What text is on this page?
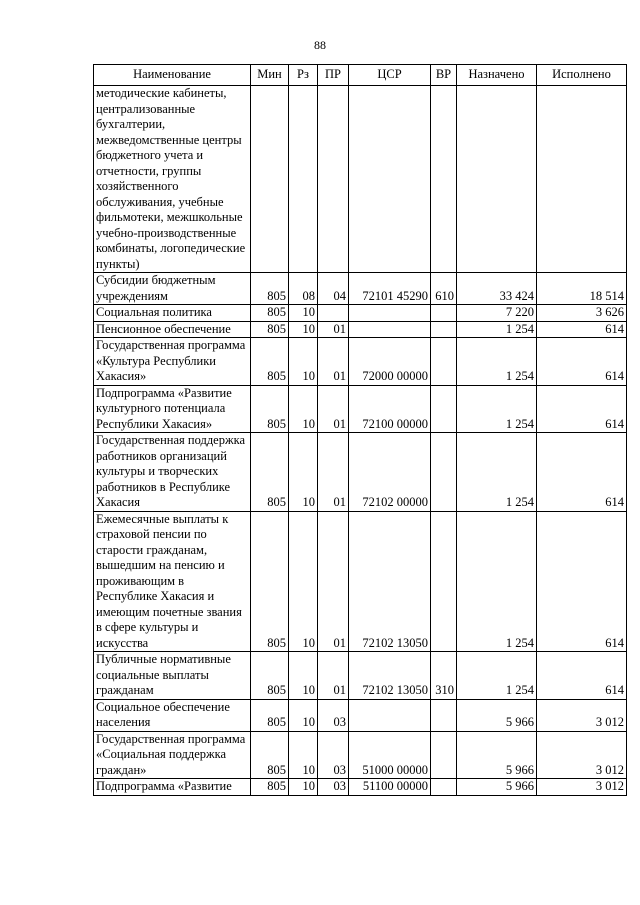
88
Наименование	Мин	Рз	ПР	ЦСР	ВР	Назначено	Исполнено
методические кабинеты, централизованные бухгалтерии, межведомственные центры бюджетного учета и отчетности, группы хозяйственного обслуживания, учебные фильмотеки, межшкольные учебно-производственные комбинаты, логопедические пункты)							
Субсидии бюджетным учреждениям	805	08	04	72101 45290	610	33 424	18 514
Социальная политика	805	10				7 220	3 626
Пенсионное обеспечение	805	10	01			1 254	614
Государственная программа «Культура Республики Хакасия»	805	10	01	72000 00000		1 254	614
Подпрограмма «Развитие культурного потенциала Республики Хакасия»	805	10	01	72100 00000		1 254	614
Государственная поддержка работников организаций культуры и творческих работников в Республике Хакасия	805	10	01	72102 00000		1 254	614
Ежемесячные выплаты к страховой пенсии по старости гражданам, вышедшим на пенсию и проживающим в Республике Хакасия и имеющим почетные звания в сфере культуры и искусства	805	10	01	72102 13050		1 254	614
Публичные нормативные социальные выплаты гражданам	805	10	01	72102 13050	310	1 254	614
Социальное обеспечение населения	805	10	03			5 966	3 012
Государственная программа «Социальная поддержка граждан»	805	10	03	51000 00000		5 966	3 012
Подпрограмма «Развитие	805	10	03	51100 00000		5 966	3 012
